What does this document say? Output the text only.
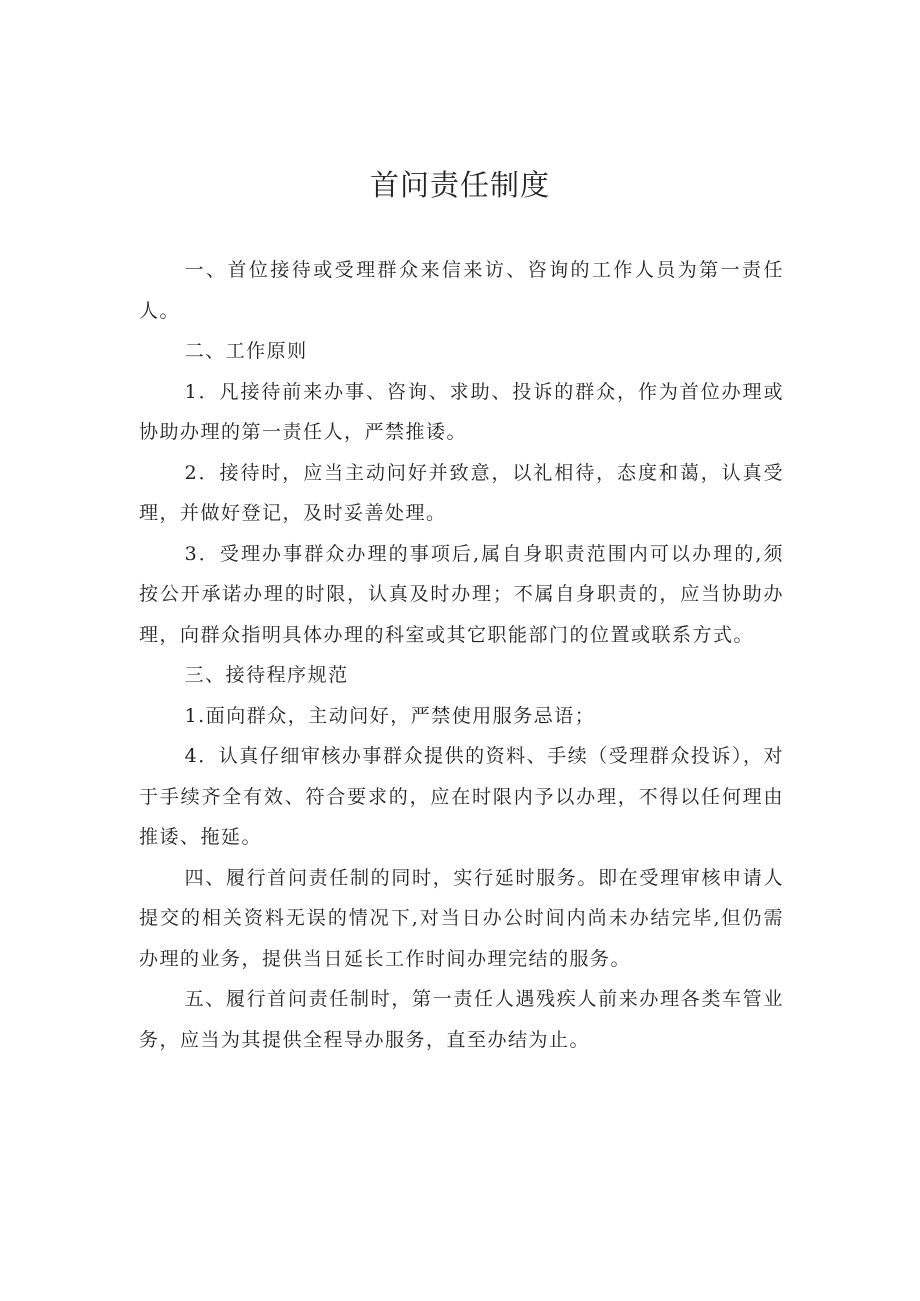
首问责任制度

一、首位接待或受理群众来信来访、咨询的工作人员为第一责任人。

二、工作原则

1．凡接待前来办事、咨询、求助、投诉的群众，作为首位办理或协助办理的第一责任人，严禁推诿。

2．接待时，应当主动问好并致意，以礼相待，态度和蔼，认真受理，并做好登记，及时妥善处理。

3．受理办事群众办理的事项后,属自身职责范围内可以办理的,须按公开承诺办理的时限，认真及时办理；不属自身职责的，应当协助办理，向群众指明具体办理的科室或其它职能部门的位置或联系方式。

三、接待程序规范

1.面向群众，主动问好，严禁使用服务忌语；

4．认真仔细审核办事群众提供的资料、手续（受理群众投诉），对于手续齐全有效、符合要求的，应在时限内予以办理，不得以任何理由推诿、拖延。

四、履行首问责任制的同时，实行延时服务。即在受理审核申请人提交的相关资料无误的情况下,对当日办公时间内尚未办结完毕,但仍需办理的业务，提供当日延长工作时间办理完结的服务。

五、履行首问责任制时，第一责任人遇残疾人前来办理各类车管业务，应当为其提供全程导办服务，直至办结为止。
